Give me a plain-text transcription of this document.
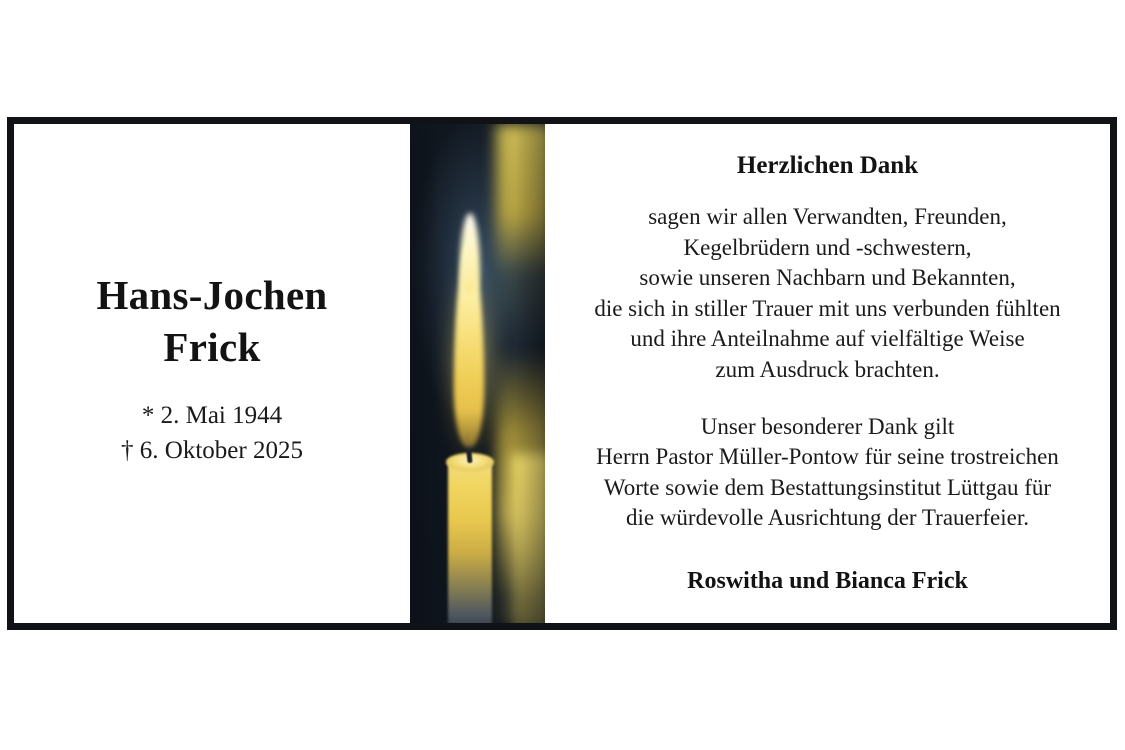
Hans-Jochen
Frick
* 2. Mai 1944
† 6. Oktober 2025
Herzlichen Dank

sagen wir allen Verwandten, Freunden,

Kegelbrüdern und -schwestern,

sowie unseren Nachbarn und Bekannten,

die sich in stiller Trauer mit uns verbunden fühlten

und ihre Anteilnahme auf vielfältige Weise

zum Ausdruck brachten.

Unser besonderer Dank gilt

Herrn Pastor Müller-Pontow für seine trostreichen

Worte sowie dem Bestattungsinstitut Lüttgau für

die würdevolle Ausrichtung der Trauerfeier.

Roswitha und Bianca Frick
